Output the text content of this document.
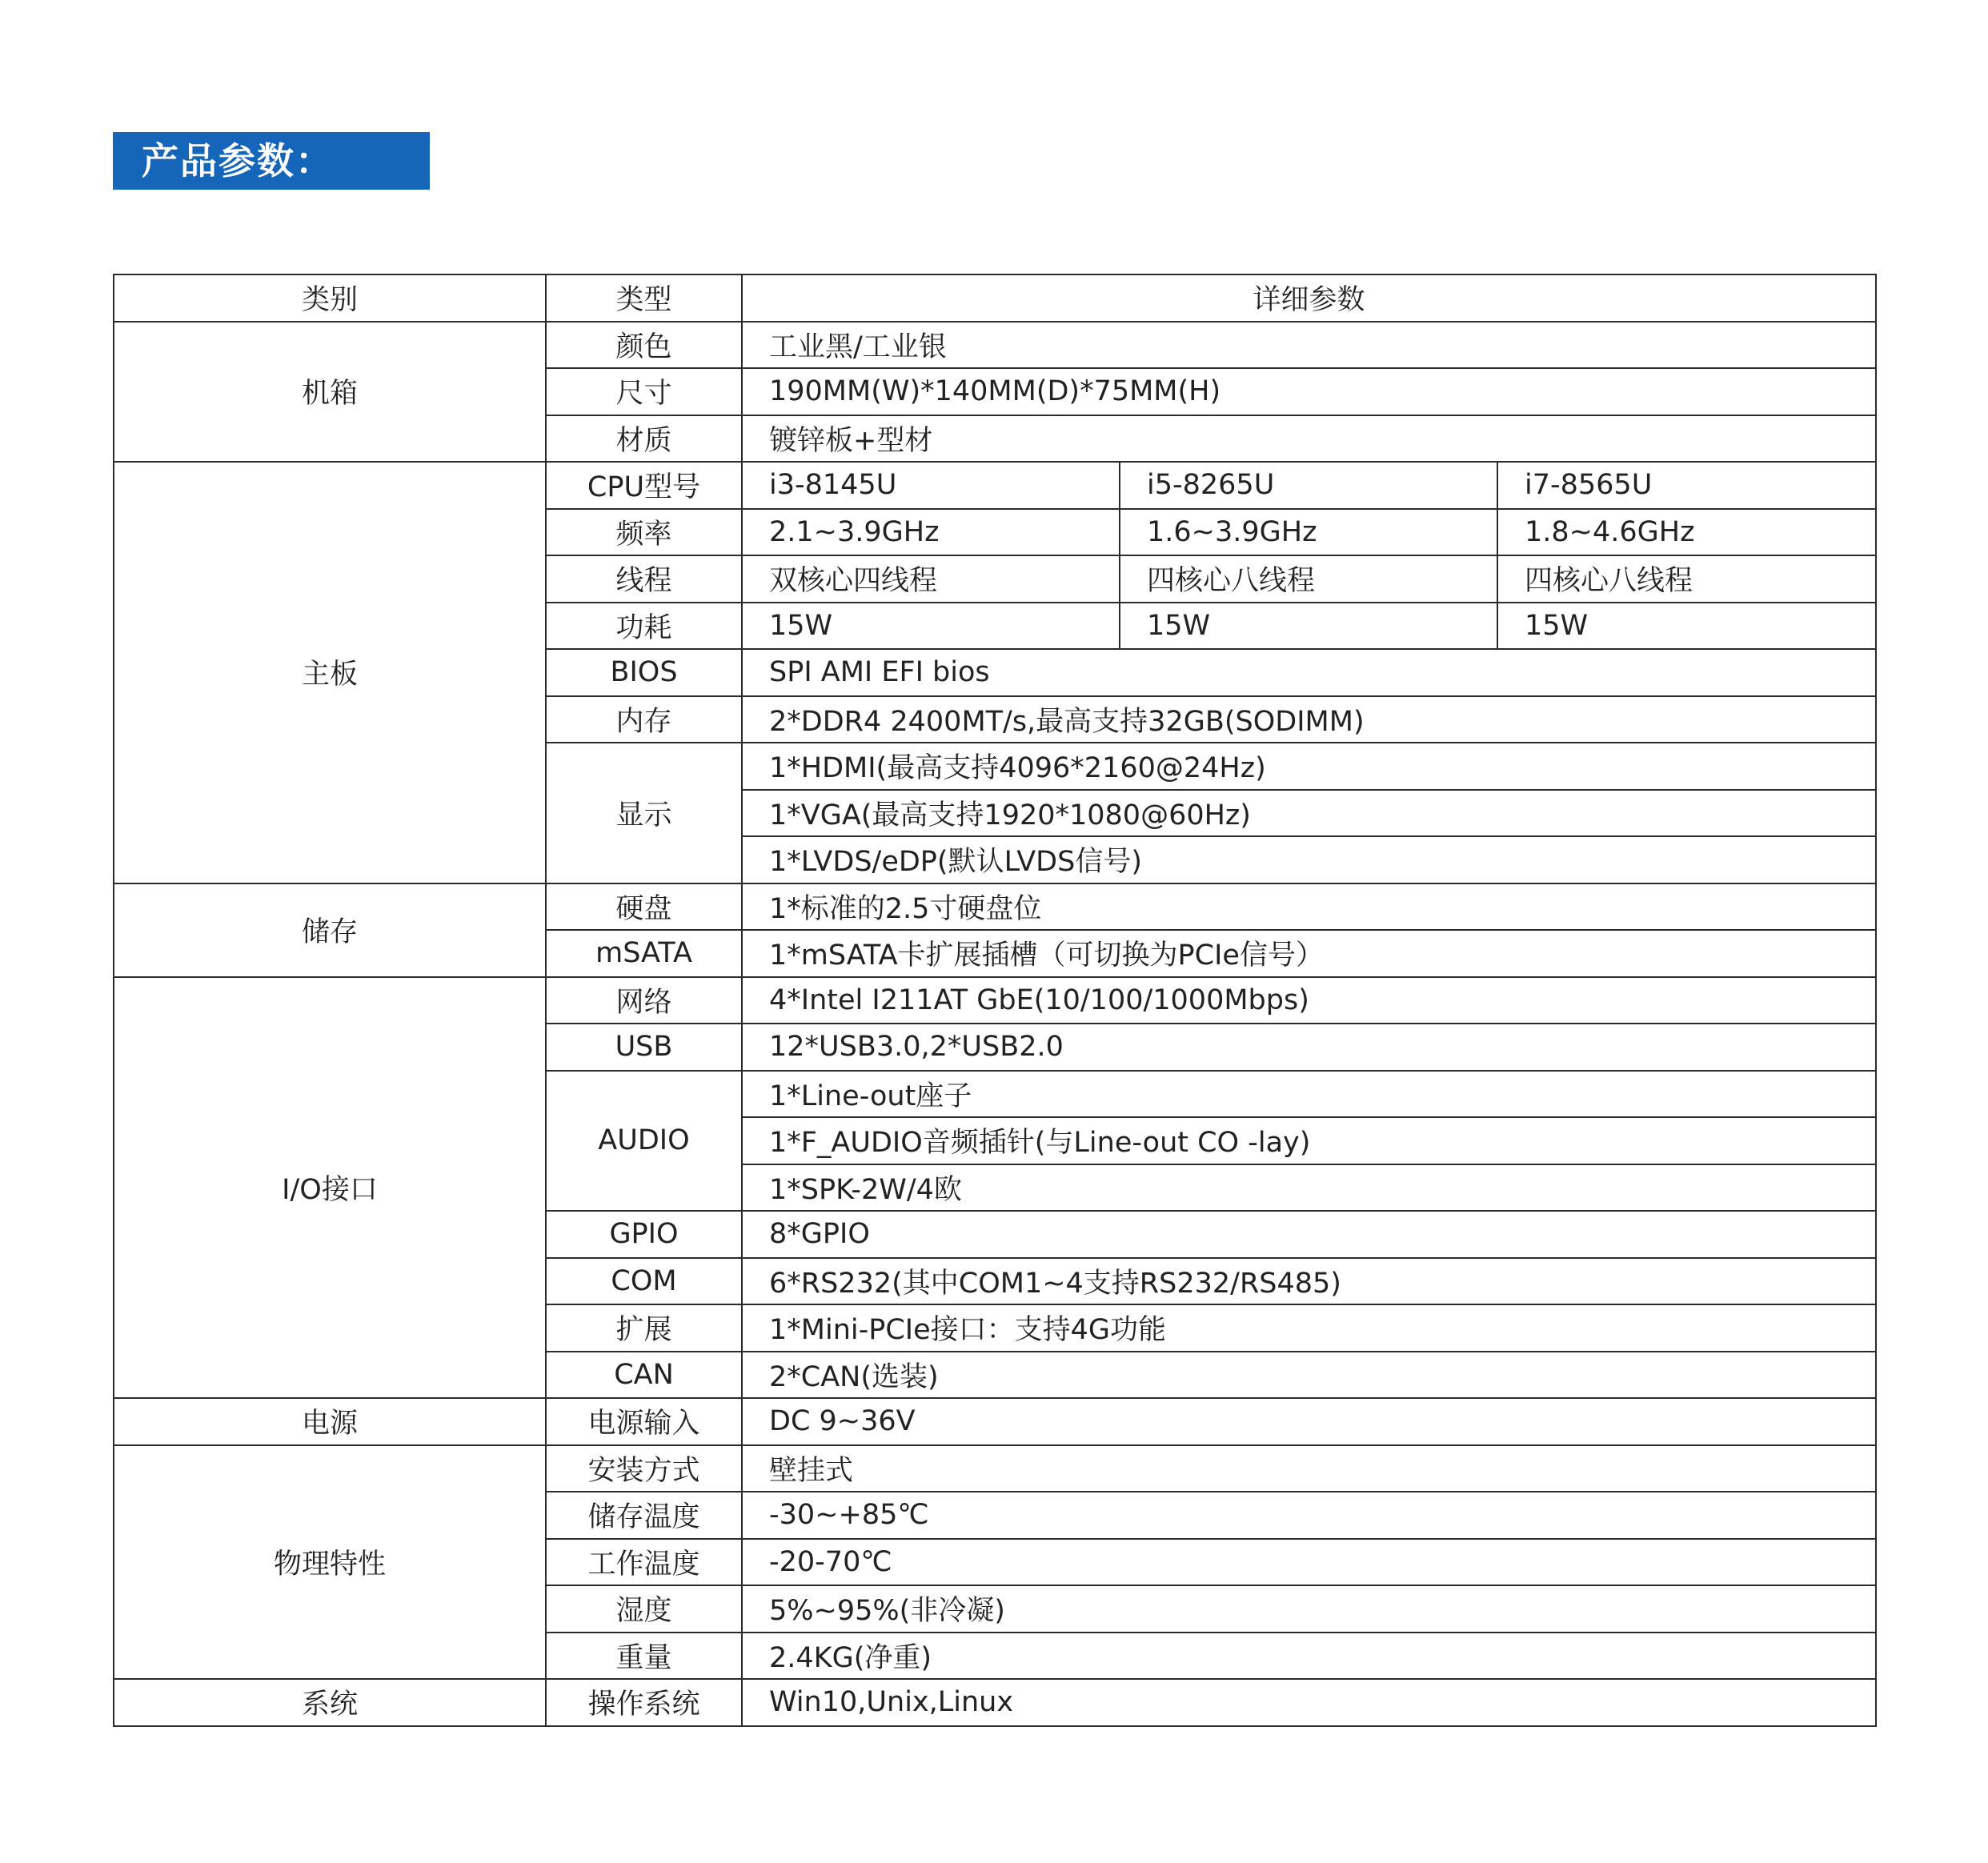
产品参数：
类别	类型	详细参数		
机箱	颜色	工业黑/工业银		
	尺寸	190MM(W)*140MM(D)*75MM(H)		
	材质	镀锌板+型材		
主板	CPU型号	i3-8145U	i5-8265U	i7-8565U
	频率	2.1~3.9GHz	1.6~3.9GHz	1.8~4.6GHz
	线程	双核心四线程	四核心八线程	四核心八线程
	功耗	15W	15W	15W
	BIOS	SPI AMI EFI bios		
	内存	2*DDR4 2400MT/s,最高支持32GB(SODIMM)		
	显示	1*HDMI(最高支持4096*2160@24Hz)		
		1*VGA(最高支持1920*1080@60Hz)		
		1*LVDS/eDP(默认LVDS信号)		
储存	硬盘	1*标准的2.5寸硬盘位		
	mSATA	1*mSATA卡扩展插槽（可切换为PCIe信号）		
I/O接口	网络	4*Intel I211AT GbE(10/100/1000Mbps)		
	USB	12*USB3.0,2*USB2.0		
	AUDIO	1*Line-out座子		
		1*F_AUDIO音频插针(与Line-out CO -lay)		
		1*SPK-2W/4欧		
	GPIO	8*GPIO		
	COM	6*RS232(其中COM1~4支持RS232/RS485)		
	扩展	1*Mini-PCIe接口：支持4G功能		
	CAN	2*CAN(选装)		
电源	电源输入	DC 9~36V		
物理特性	安装方式	壁挂式		
	储存温度	-30~+85℃		
	工作温度	-20-70℃		
	湿度	5%~95%(非冷凝)		
	重量	2.4KG(净重)		
系统	操作系统	Win10,Unix,Linux		
